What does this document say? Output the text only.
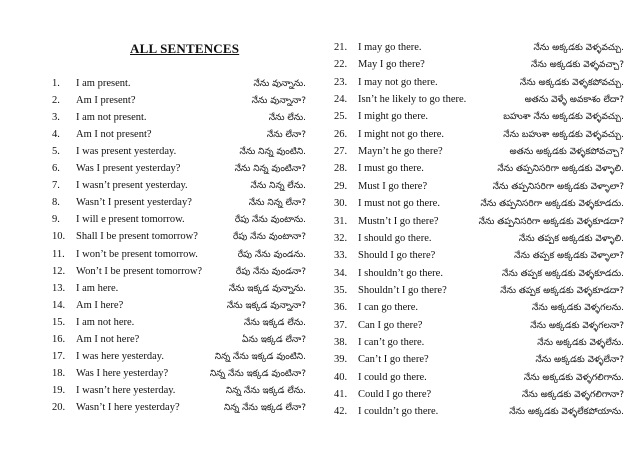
ALL SENTENCES
1. I am present.	నేను వున్నాను.
2. Am I present?	నేను వున్నానా?
3. I am not present.	నేను లేను.
4. Am I not present?	నేను లేనా?
5. I was present yesterday.	నేను నిన్న వుంటిని.
6. Was I present yesterday?	నేను నిన్న వుంటినా?
7. I wasn’t present yesterday.	నేను నిన్న లేను.
8. Wasn’t I present yesterday?	నేను నిన్న లేనా?
9. I will e present tomorrow.	రేపు నేను వుంటాను.
10. Shall I be present tomorrow?	రేపు నేను వుంటానా?
11. I won’t be present tomorrow.	రేపు నేను వుండను.
12. Won’t I be present tomorrow?	రేపు నేను వుండనా?
13. I am here.	నేను ఇక్కడ వున్నాను.
14. Am I here?	నేను ఇక్కడ వున్నానా?
15. I am not here.	నేను ఇక్కడ లేను.
16. Am I not here?	ఏను ఇక్కడ లేనా?
17. I was here yesterday.	నిన్న నేను ఇక్కడ వుంటిని.
18. Was I here yesterday?	నిన్న నేను ఇక్కడ వుంటినా?
19. I wasn’t here yesterday.	నిన్న నేను ఇక్కడ లేను.
20. Wasn’t I here yesterday?	నిన్న నేను ఇక్కడ లేనా?
21. I may go there.	నేను అక్కడకు వెళ్ళవచ్చు.
22. May I go there?	నేను అక్కడకు వెళ్ళవచ్చా?
23. I may not go there.	నేను అక్కడకు వెళ్ళకపోవచ్చు.
24. Isn’t he likely to go there.	అతను వెళ్ళే అవకాశం లేదా?
25. I might go there.	బహుశా నేను అక్కడకు వెళ్ళవచ్చు.
26. I might not go there.	నేను బహుశా అక్కడకు వెళ్ళవచ్చు.
27. Mayn’t he go there?	అతను అక్కడకు వెళ్ళకపోవచ్చా?
28. I must go there.	నేను తప్పనిసరిగా అక్కడకు వెళ్ళాలి.
29. Must I go there?	నేను తప్పనిసరిగా అక్కడకు వెళ్ళాలా?
30. I must not go there.	నేను తప్పనిసరిగా అక్కడకు వెళ్ళకూడదు.
31. Mustn’t I go there?	నేను తప్పనిసరిగా అక్కడకు వెళ్ళకూడదా?
32. I should go there.	నేను తప్పక అక్కడకు వెళ్ళాలి.
33. Should I go there?	నేను తప్పక అక్కడకు వెళ్ళాలా?
34. I shouldn’t go there.	నేను తప్పక అక్కడకు వెళ్ళకూడదు.
35. Shouldn’t I go there?	నేను తప్పక అక్కడకు వెళ్ళకూడదా?
36. I can go there.	నేను అక్కడకు వెళ్ళగలను.
37. Can I go there?	నేను అక్కడకు వెళ్ళగలనా?
38. I can’t go there.	నేను అక్కడకు వెళ్ళలేను.
39. Can’t I go there?	నేను అక్కడకు వెళ్ళలేనా?
40. I could go there.	నేను అక్కడకు వెళ్ళగలిగాను.
41. Could I go there?	నేను అక్కడకు వెళ్ళగలిగానా?
42. I couldn’t go there.	నేను అక్కడకు వెళ్ళలేకపోయాను.
